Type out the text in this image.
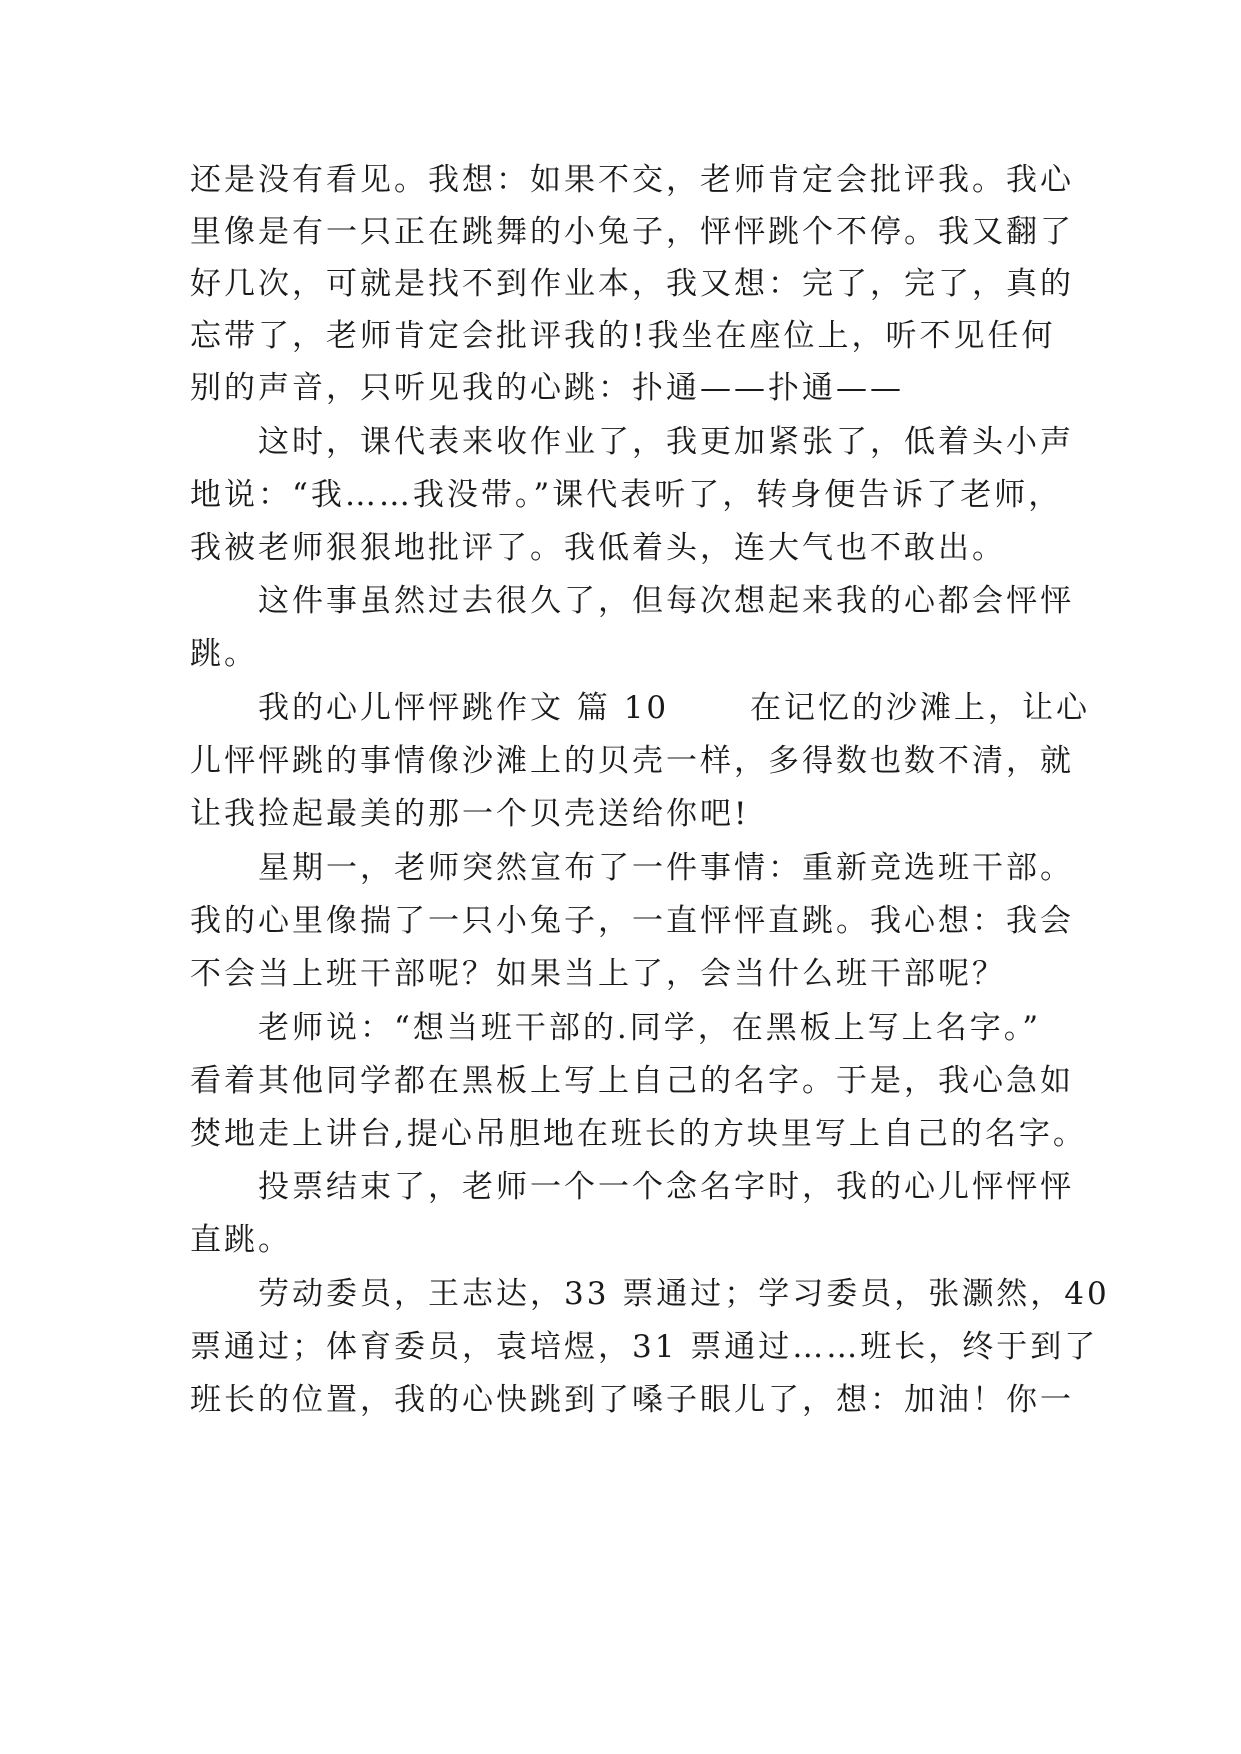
还是没有看见。我想：如果不交，老师肯定会批评我。我心
里像是有一只正在跳舞的小兔子，怦怦跳个不停。我又翻了
好几次，可就是找不到作业本，我又想：完了，完了，真的
忘带了，老师肯定会批评我的!我坐在座位上，听不见任何
别的声音，只听见我的心跳：扑通——扑通——
　　这时，课代表来收作业了，我更加紧张了，低着头小声
地说：“我……我没带。”课代表听了，转身便告诉了老师，
我被老师狠狠地批评了。我低着头，连大气也不敢出。
　　这件事虽然过去很久了，但每次想起来我的心都会怦怦
跳。
　　我的心儿怦怦跳作文 篇 10 　　在记忆的沙滩上，让心
儿怦怦跳的事情像沙滩上的贝壳一样，多得数也数不清，就
让我捡起最美的那一个贝壳送给你吧!
　　星期一，老师突然宣布了一件事情：重新竞选班干部。
我的心里像揣了一只小兔子，一直怦怦直跳。我心想：我会
不会当上班干部呢？如果当上了，会当什么班干部呢？
　　老师说：“想当班干部的.同学，在黑板上写上名字。”
看着其他同学都在黑板上写上自己的名字。于是，我心急如
焚地走上讲台,提心吊胆地在班长的方块里写上自己的名字。
　　投票结束了，老师一个一个念名字时，我的心儿怦怦怦
直跳。
　　劳动委员，王志达，33 票通过；学习委员，张灏然，40
票通过；体育委员，袁培煜，31 票通过……班长，终于到了
班长的位置，我的心快跳到了嗓子眼儿了，想：加油！你一
